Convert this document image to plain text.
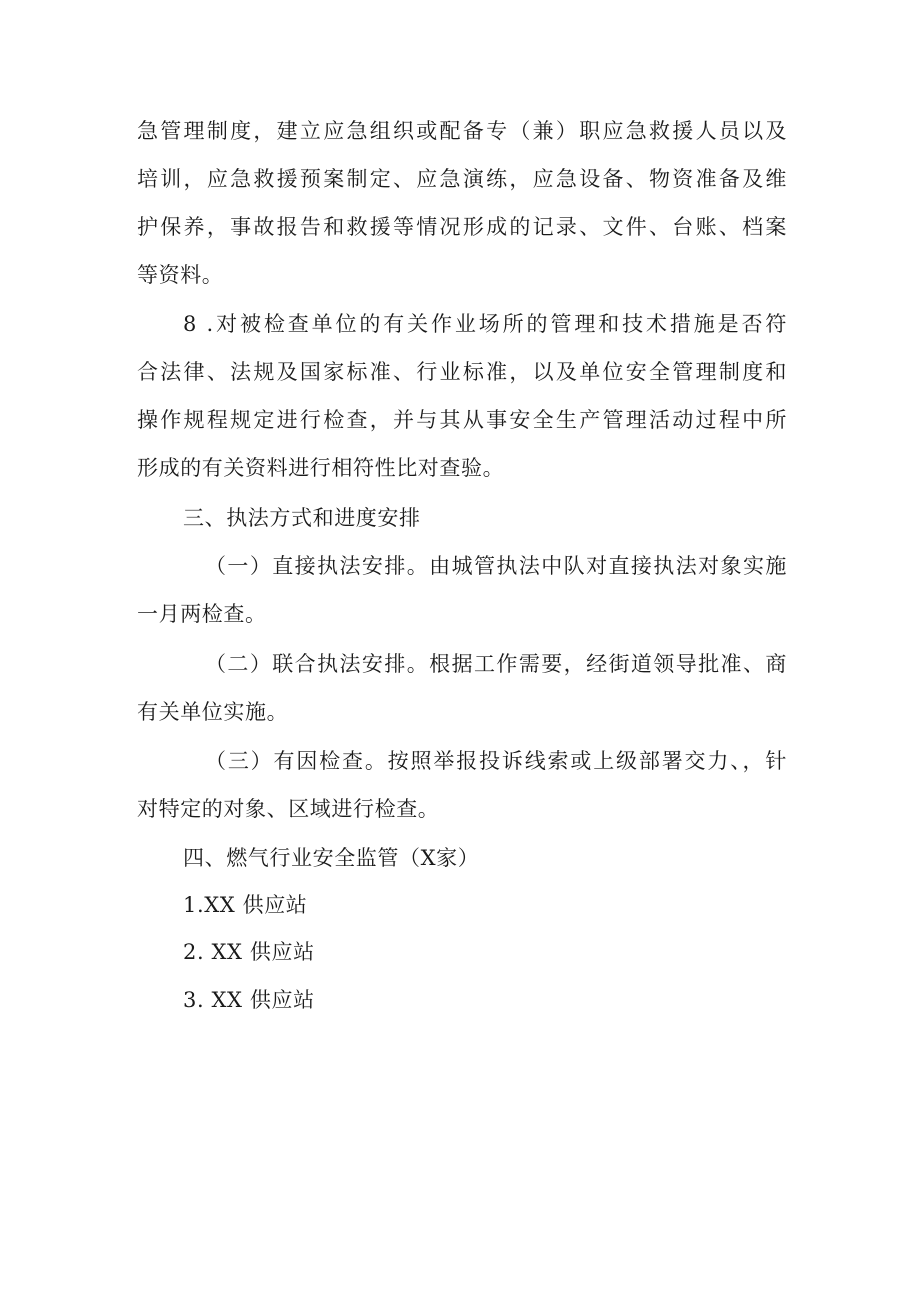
急管理制度，建立应急组织或配备专（兼）职应急救援人员以及
培训，应急救援预案制定、应急演练，应急设备、物资准备及维
护保养，事故报告和救援等情况形成的记录、文件、台账、档案
等资料。
8 .对被检查单位的有关作业场所的管理和技术措施是否符
合法律、法规及国家标准、行业标准，以及单位安全管理制度和
操作规程规定进行检查，并与其从事安全生产管理活动过程中所
形成的有关资料进行相符性比对查验。
三、执法方式和进度安排
（一）直接执法安排。由城管执法中队对直接执法对象实施
一月两检查。
（二）联合执法安排。根据工作需要，经街道领导批准、商
有关单位实施。
（三）有因检查。按照举报投诉线索或上级部署交力、，针
对特定的对象、区域进行检查。
四、燃气行业安全监管（X家）
1.XX 供应站
2. XX 供应站
3. XX 供应站
